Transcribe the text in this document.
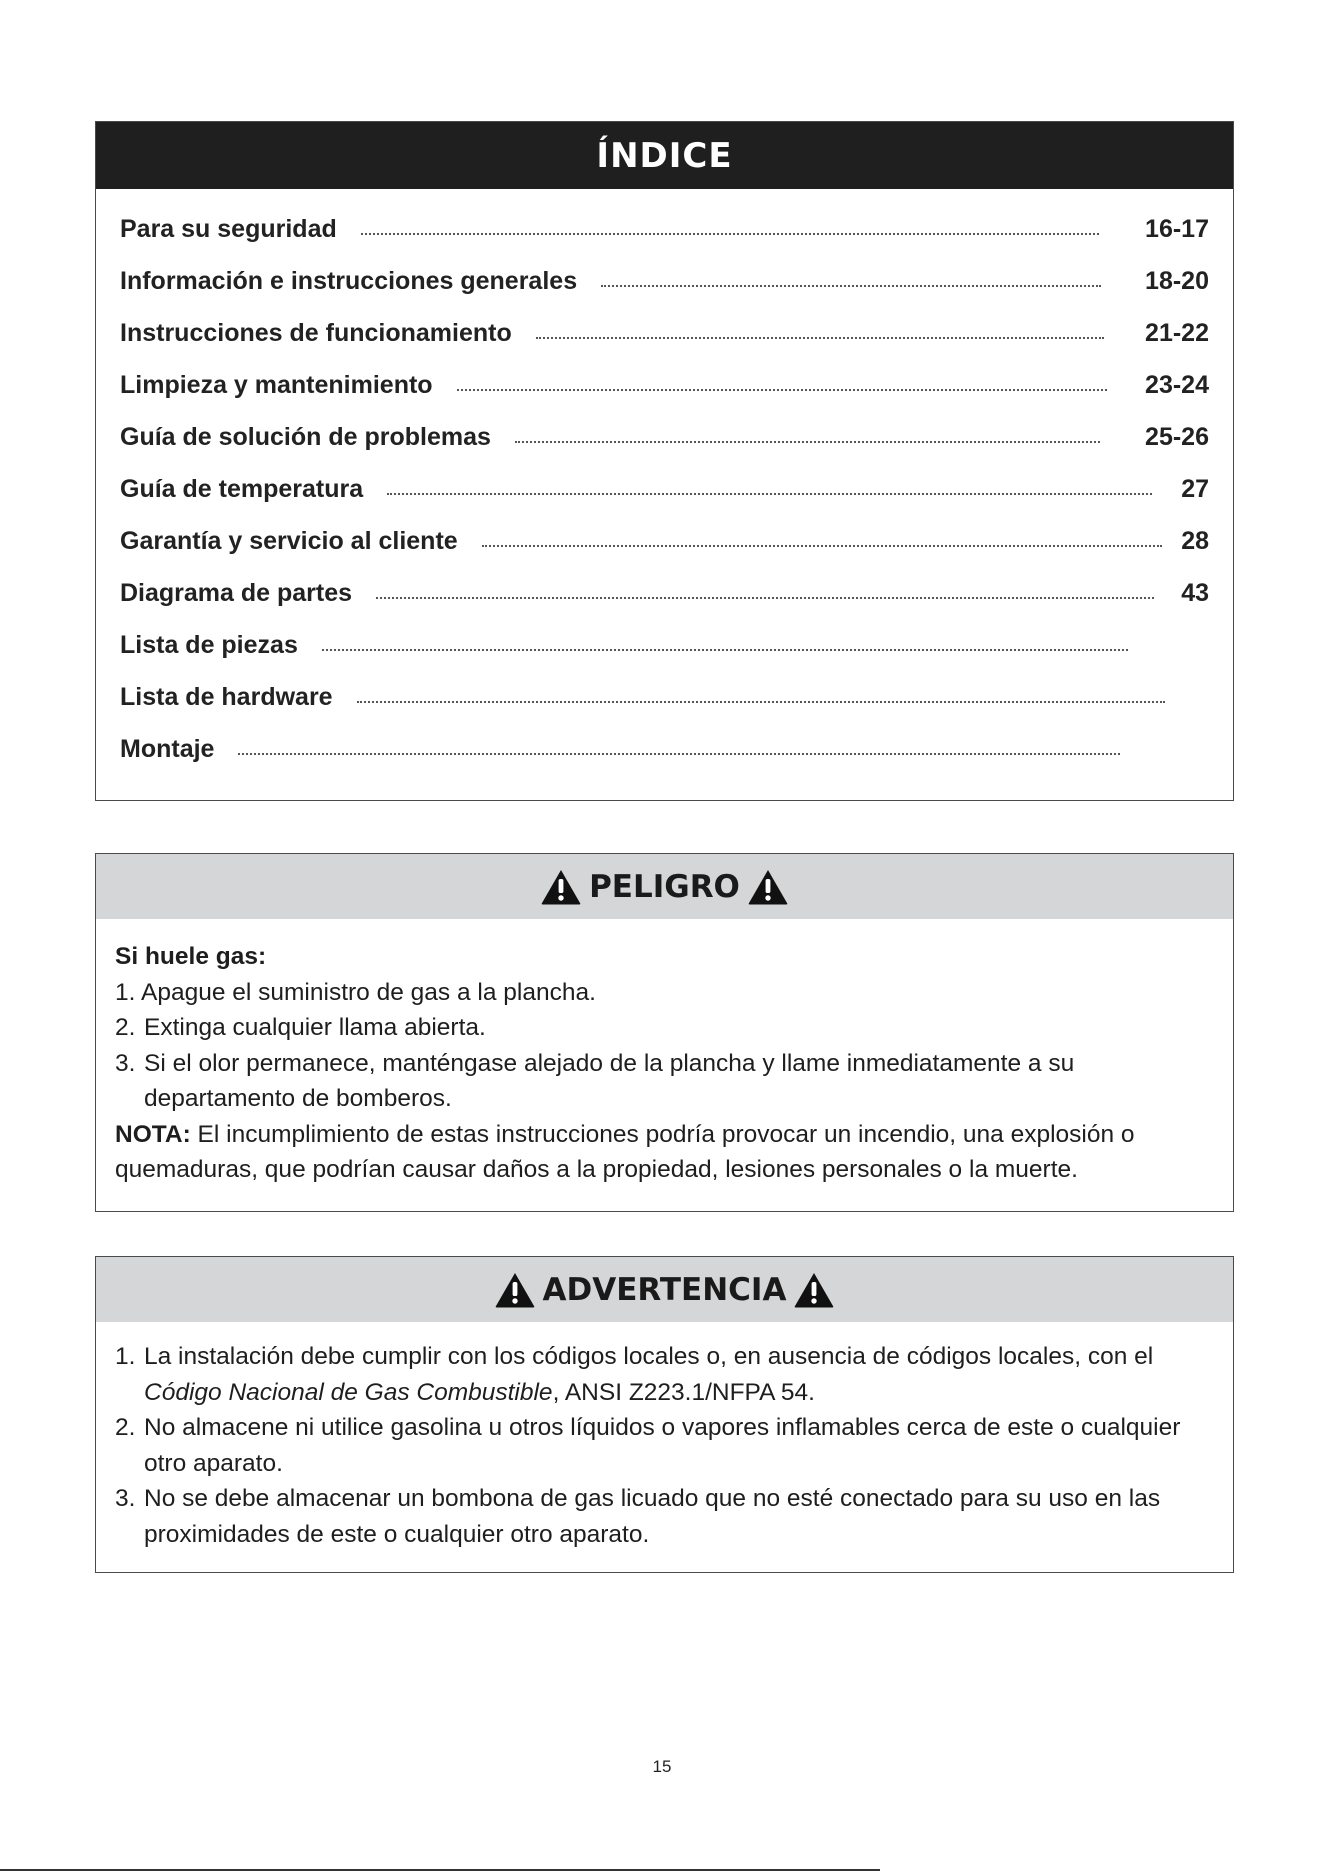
ÍNDICE
Para su seguridad	16-17
Información e instrucciones generales	18-20
Instrucciones de funcionamiento	21-22
Limpieza y mantenimiento	23-24
Guía de solución de problemas	25-26
Guía de temperatura	27
Garantía y servicio al cliente	28
Diagrama de partes	43
Lista de piezas
Lista de hardware
Montaje
PELIGRO
Si huele gas:
1. Apague el suministro de gas a la plancha.
2. Extinga cualquier llama abierta.
3. Si el olor permanece, manténgase alejado de la plancha y llame inmediatamente a su departamento de bomberos.
NOTA: El incumplimiento de estas instrucciones podría provocar un incendio, una explosión o quemaduras, que podrían causar daños a la propiedad, lesiones personales o la muerte.
ADVERTENCIA
1. La instalación debe cumplir con los códigos locales o, en ausencia de códigos locales, con el Código Nacional de Gas Combustible, ANSI Z223.1/NFPA 54.
2. No almacene ni utilice gasolina u otros líquidos o vapores inflamables cerca de este o cualquier otro aparato.
3. No se debe almacenar un bombona de gas licuado que no esté conectado para su uso en las proximidades de este o cualquier otro aparato.
15
